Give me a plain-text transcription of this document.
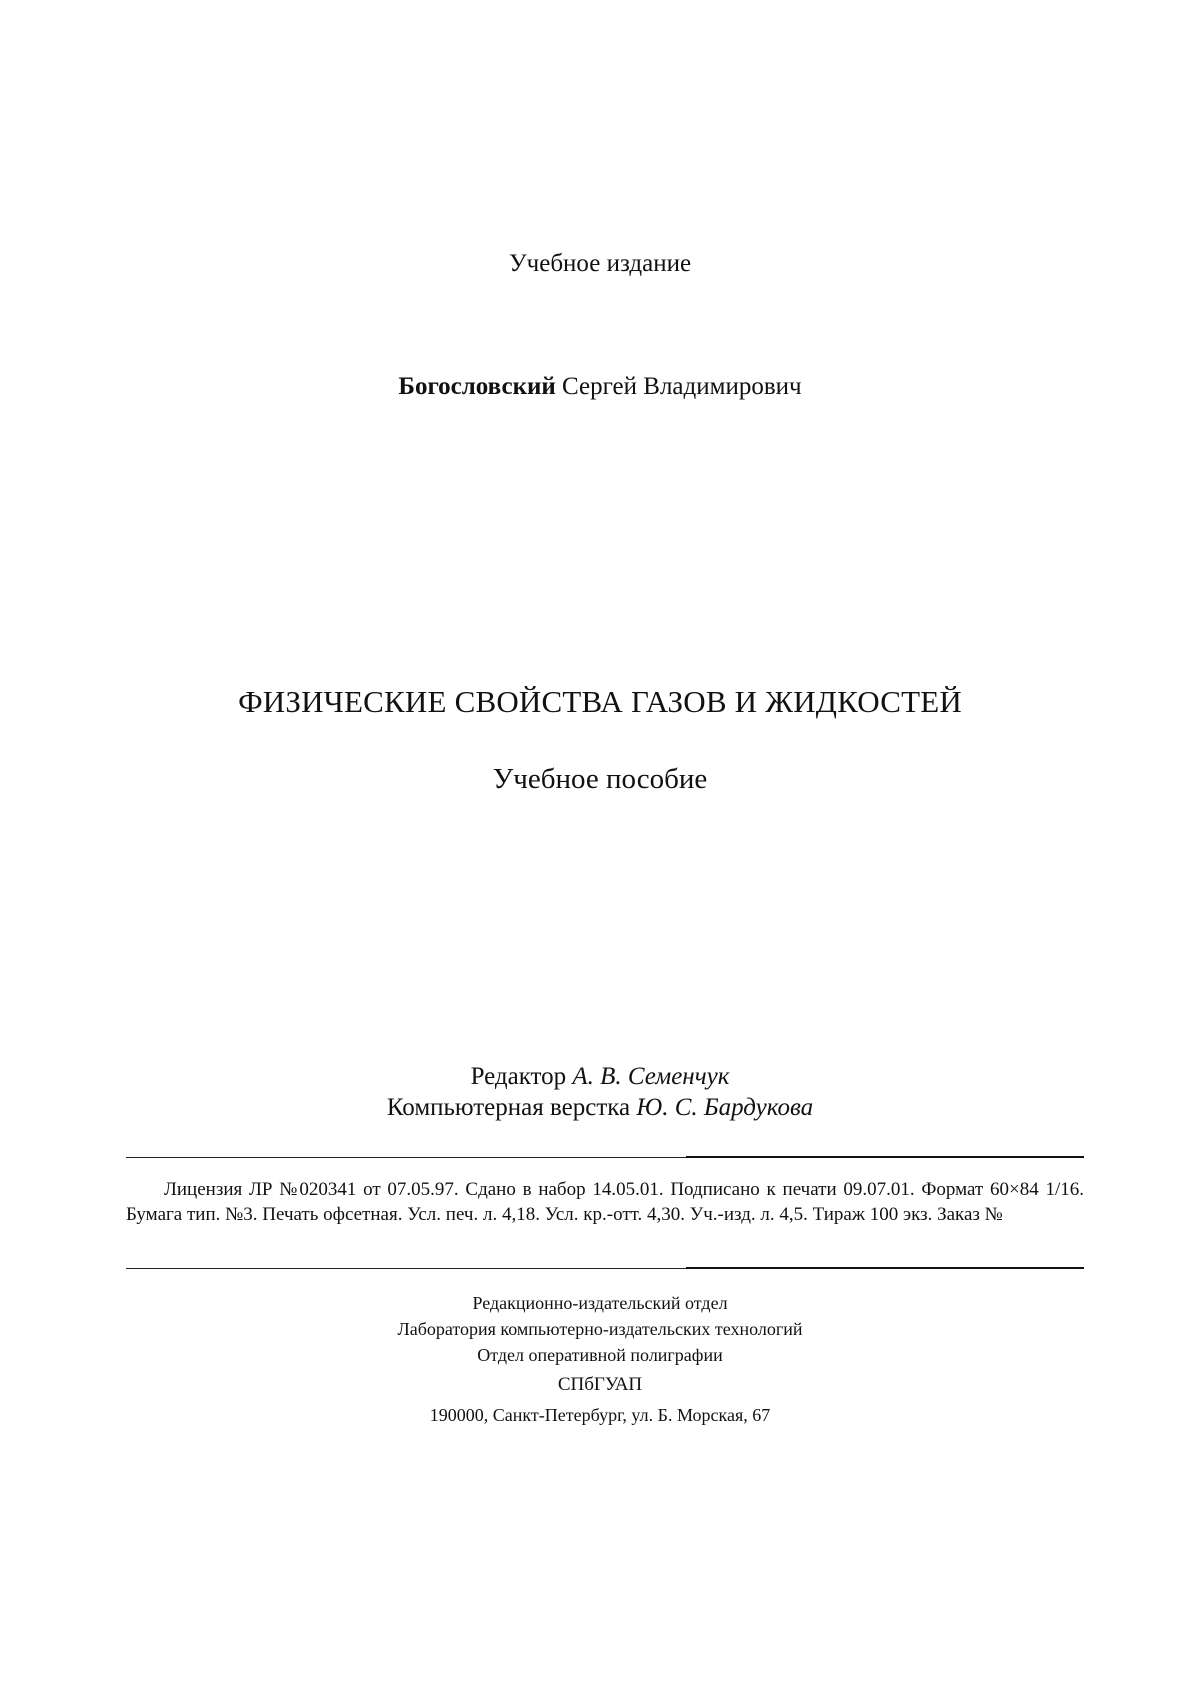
Учебное издание
Богословский Сергей Владимирович
ФИЗИЧЕСКИЕ СВОЙСТВА ГАЗОВ И ЖИДКОСТЕЙ
Учебное пособие
Редактор А. В. Семенчук
Компьютерная верстка Ю. С. Бардукова

Лицензия ЛР №020341 от 07.05.97. Сдано в набор 14.05.01. Подписано к печати 09.07.01. Формат 60×84 1/16. Бумага тип. №3. Печать офсетная. Усл. печ. л. 4,18. Усл. кр.-отт. 4,30. Уч.-изд. л. 4,5. Тираж 100 экз. Заказ №

Редакционно-издательский отдел
Лаборатория компьютерно-издательских технологий
Отдел оперативной полиграфии
СПбГУАП
190000, Санкт-Петербург, ул. Б. Морская, 67
